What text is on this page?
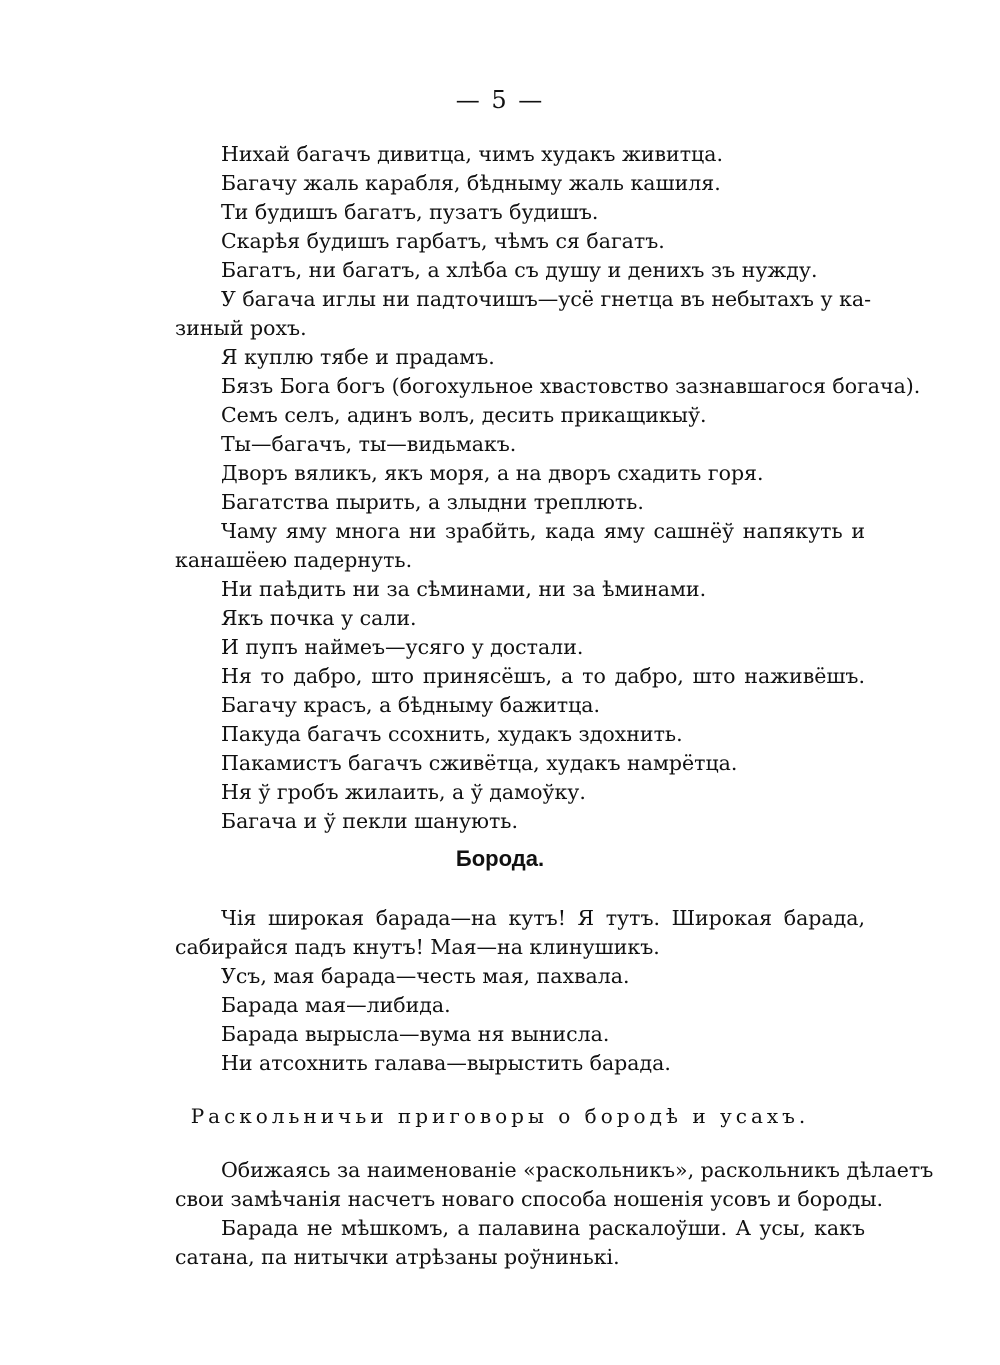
— 5 —
Нихай багачъ дивитца, чимъ худакъ живитца.
Багачу жаль карабля, бѣдныму жаль кашиля.
Ти будишъ багатъ, пузатъ будишъ.
Скарѣя будишъ гарбатъ, чѣмъ ся багатъ.
Багатъ, ни багатъ, а хлѣба съ душу и денихъ зъ нужду.
У багача иглы ни падточишъ—усё гнетца въ небытахъ у ка-
зиный рохъ.
Я куплю тябе и прадамъ.
Бязъ Бога богъ (богохульное хвастовство зазнавшагося богача).
Семъ селъ, адинъ волъ, десить прикащикыў.
Ты—багачъ, ты—видьмакъ.
Дворъ вяликъ, якъ моря, а на дворъ схадить горя.
Багатства пырить, а злыдни треплють.
Чаму яму многа ни зрабйть, када яму сашнёў напякуть и
канашёею падернуть.
Ни паѣдить ни за сѣминами, ни за ѣминами.
Якъ почка у сали.
И пупъ наймеъ—усяго у достали.
Ня то дабро, што принясёшъ, а то дабро, што наживёшъ.
Багачу красъ, а бѣдныму бажитца.
Пакуда багачъ ссохнить, худакъ здохнить.
Пакамистъ багачъ сживётца, худакъ намрётца.
Ня ў гробъ жилаить, а ў дамоўку.
Багача и ў пекли шанують.
Борода.
Чія широкая барада—на кутъ! Я тутъ. Широкая барада,
сабирайся падъ кнутъ! Мая—на клинушикъ.
Усъ, мая барада—честь мая, пахвала.
Барада мая—либида.
Барада вырысла—вума ня вынисла.
Ни атсохнить галава—вырыстить барада.
Раскольничьи приговоры о бородѣ и усахъ.
Обижаясь за наименованіе «раскольникъ», раскольникъ дѣлаетъ
свои замѣчанія насчетъ новаго способа ношенія усовъ и бороды.
Барада не мѣшкомъ, а палавина раскалоўши. А усы, какъ
сатана, па нитычки атрѣзаны роўнинькi.
